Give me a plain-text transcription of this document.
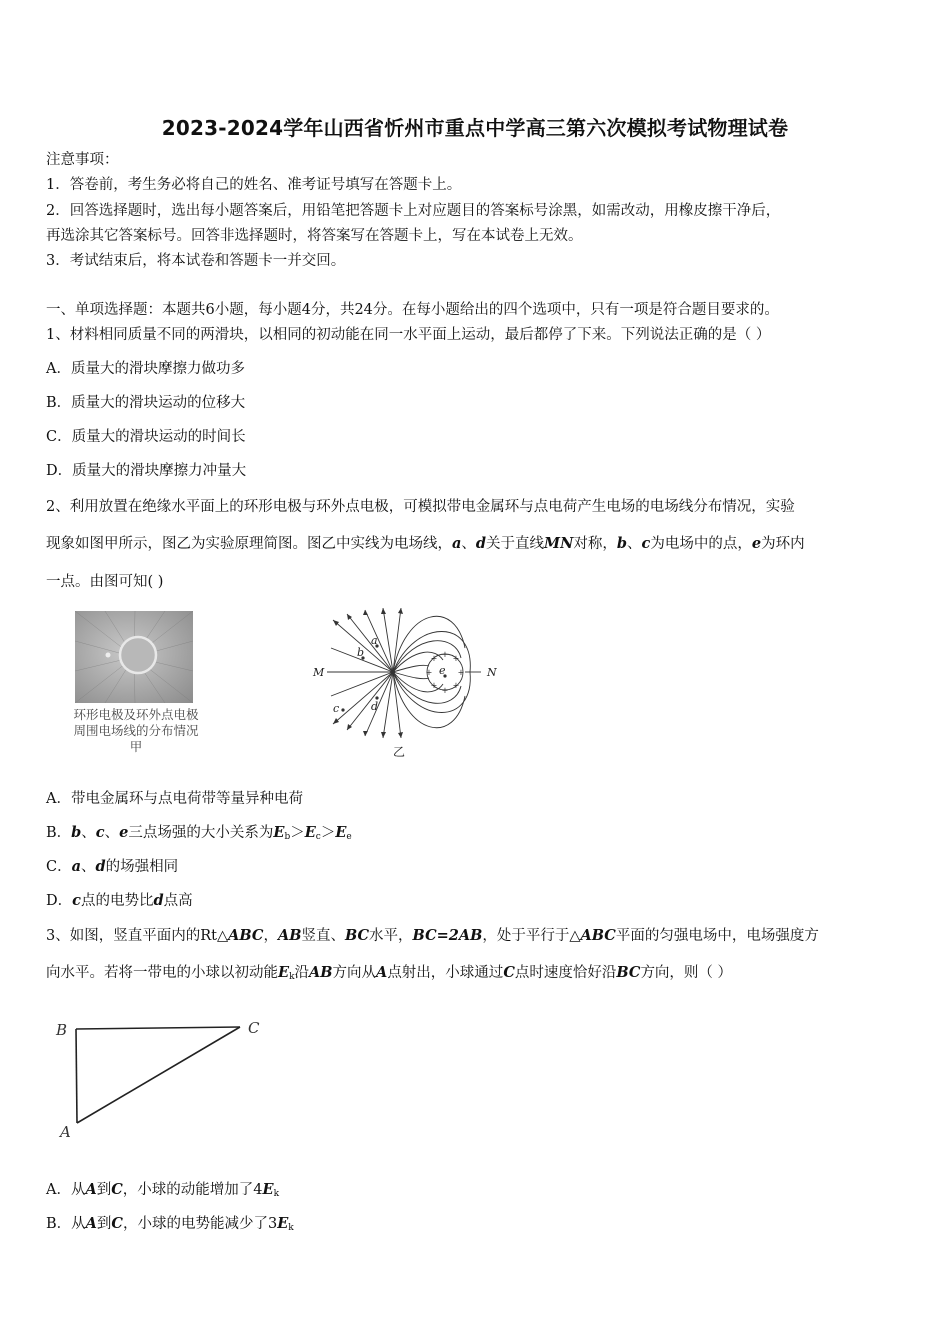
2023-2024学年山西省忻州市重点中学高三第六次模拟考试物理试卷
注意事项：
1．答卷前，考生务必将自己的姓名、准考证号填写在答题卡上。
2．回答选择题时，选出每小题答案后，用铅笔把答题卡上对应题目的答案标号涂黑，如需改动，用橡皮擦干净后，
再选涂其它答案标号。回答非选择题时，将答案写在答题卡上，写在本试卷上无效。
3．考试结束后，将本试卷和答题卡一并交回。
一、单项选择题：本题共6小题，每小题4分，共24分。在每小题给出的四个选项中，只有一项是符合题目要求的。
1、材料相同质量不同的两滑块，以相同的初动能在同一水平面上运动，最后都停了下来。下列说法正确的是（ ）
A．质量大的滑块摩擦力做功多
B．质量大的滑块运动的位移大
C．质量大的滑块运动的时间长
D．质量大的滑块摩擦力冲量大
2、利用放置在绝缘水平面上的环形电极与环外点电极，可模拟带电金属环与点电荷产生电场的电场线分布情况，实验
现象如图甲所示，图乙为实验原理简图。图乙中实线为电场线，a、d关于直线MN对称，b、c为电场中的点，e为环内
一点。由图可知( )
环形电极及环外点电极
周围电场线的分布情况
甲
+ +
+
+
+
+
+
+
M	N
a
b
c	d
e
乙
A．带电金属环与点电荷带等量异种电荷
B．b、c、e三点场强的大小关系为$E_b>E_c>E_e$
C．a、d的场强相同
D．c点的电势比d点高
3、如图，竖直平面内的Rt△ABC，AB竖直、BC水平，BC=2AB，处于平行于△ABC平面的匀强电场中，电场强度方
向水平。若将一带电的小球以初动能$E_k$沿AB方向从A点射出，小球通过C点时速度恰好沿BC方向，则（ ）
B	C
A
A．从A到C，小球的动能增加了$4E_k$
B．从A到C，小球的电势能减少了$3E_k$
